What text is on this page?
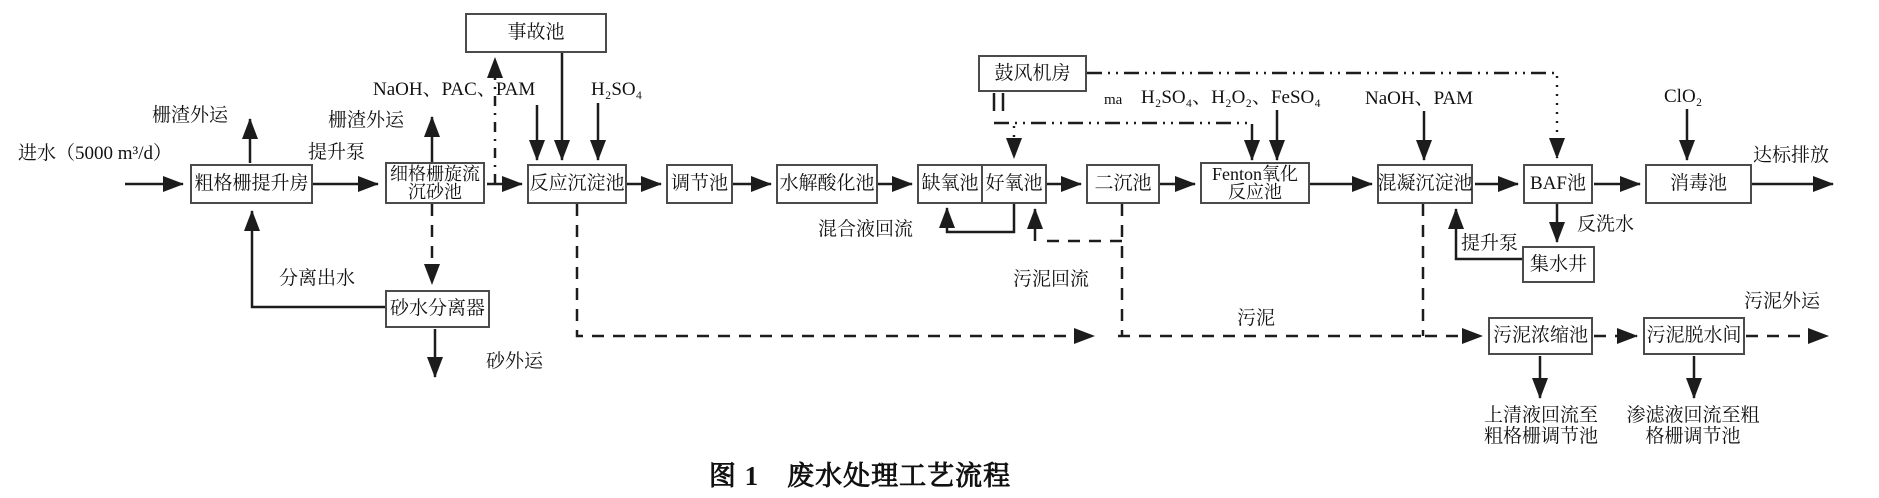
粗格栅提升房	细格栅旋流
沉砂池
事故池
反应沉淀池 调节池	水解酸化池 缺氧池 好氧池	二沉池	Fenton氧化
反应池	混凝沉淀池	BAF池	消毒池
鼓风机房
砂水分离器
集水井
污泥浓缩池	污泥脱水间
进水（5000 m³/d）
栅渣外运
提升泵
栅渣外运
NaOH、PAC、PAM	H₂SO₄	ma H₂SO₄、H₂O₂、FeSO₄ NaOH、PAM	ClO₂
达标排放
混合液回流
污泥回流
污泥
反洗水
提升泵
污泥外运
分离出水
砂外运
上清液回流至
粗格栅调节池
渗滤液回流至粗
格栅调节池
图 1　废水处理工艺流程
